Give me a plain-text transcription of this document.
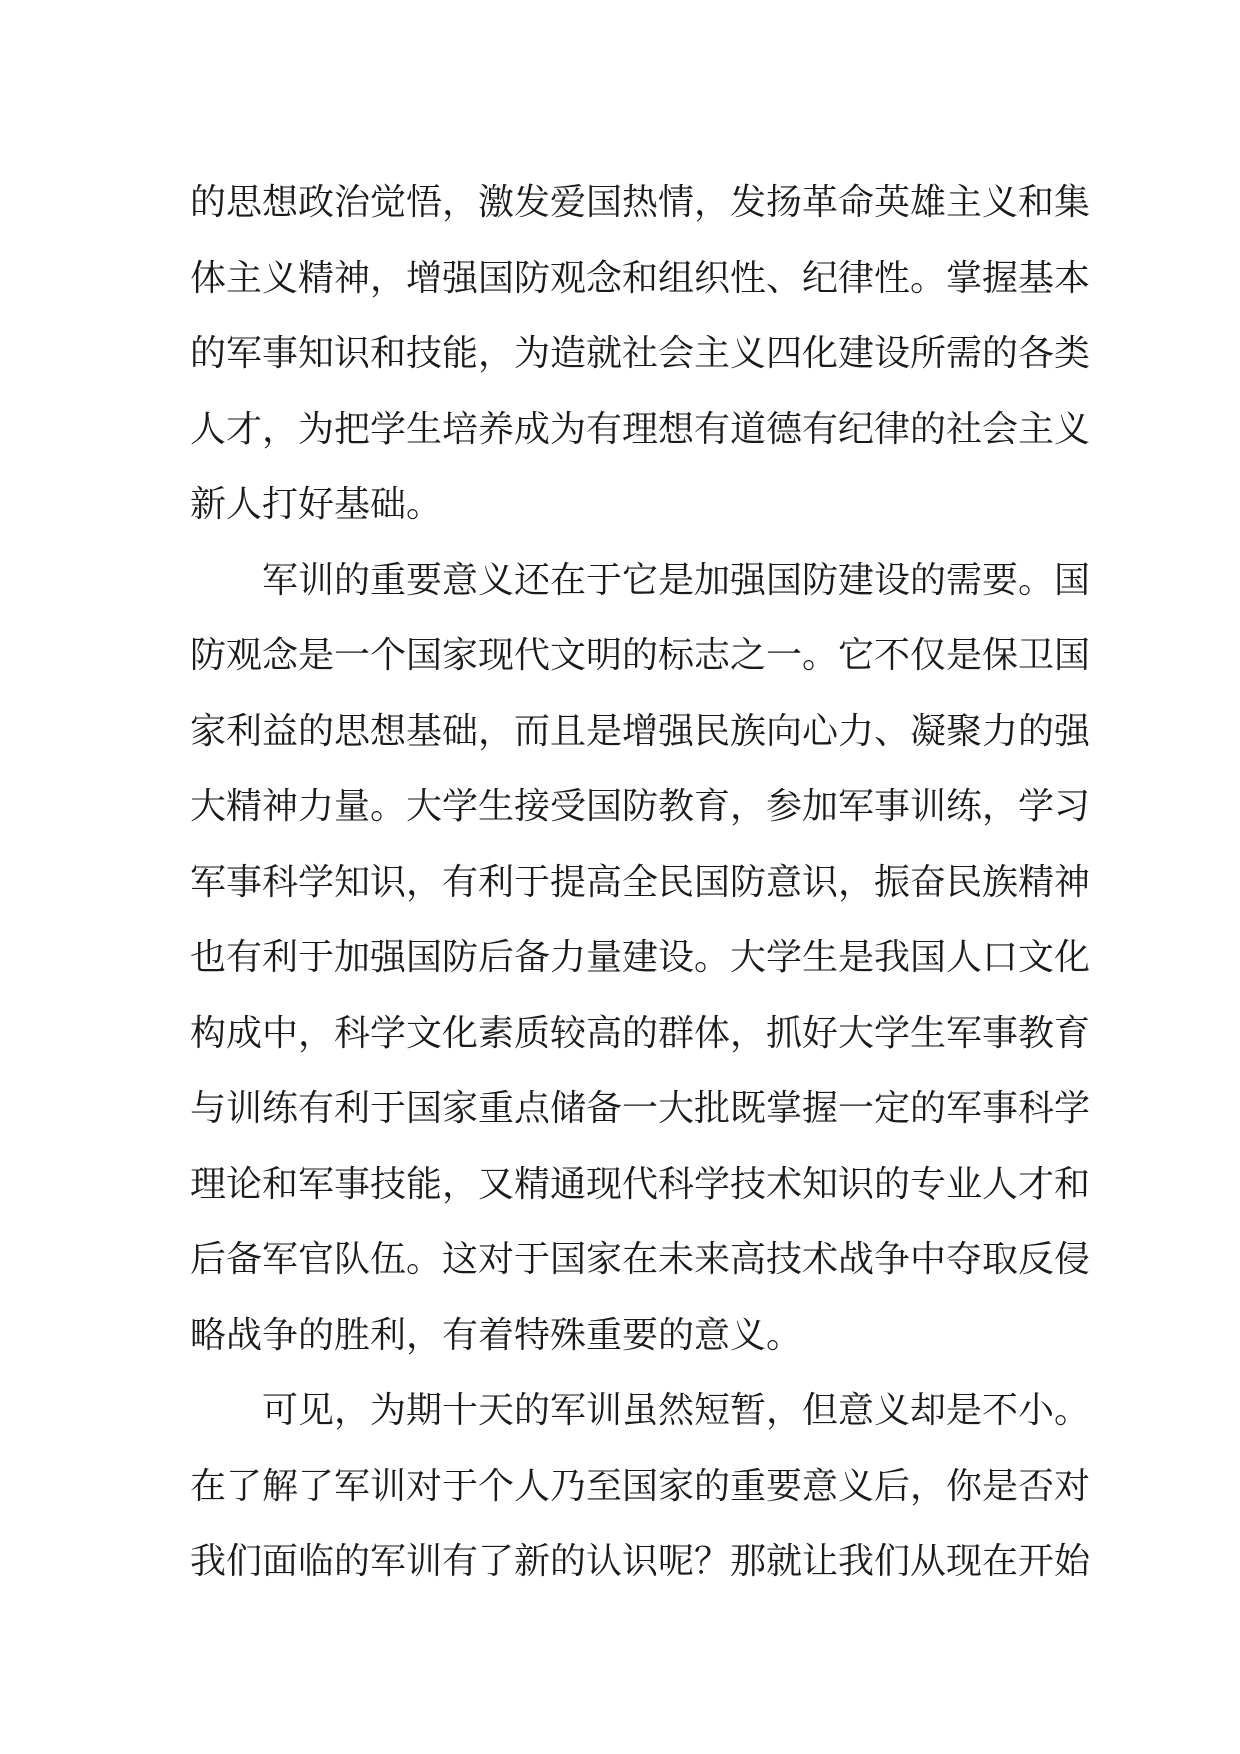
的思想政治觉悟，激发爱国热情，发扬革命英雄主义和集
体主义精神，增强国防观念和组织性、纪律性。掌握基本
的军事知识和技能，为造就社会主义四化建设所需的各类
人才，为把学生培养成为有理想有道德有纪律的社会主义
新人打好基础。
军训的重要意义还在于它是加强国防建设的需要。国
防观念是一个国家现代文明的标志之一。它不仅是保卫国
家利益的思想基础，而且是增强民族向心力、凝聚力的强
大精神力量。大学生接受国防教育，参加军事训练，学习
军事科学知识，有利于提高全民国防意识，振奋民族精神
也有利于加强国防后备力量建设。大学生是我国人口文化
构成中，科学文化素质较高的群体，抓好大学生军事教育
与训练有利于国家重点储备一大批既掌握一定的军事科学
理论和军事技能，又精通现代科学技术知识的专业人才和
后备军官队伍。这对于国家在未来高技术战争中夺取反侵
略战争的胜利，有着特殊重要的意义。
可见，为期十天的军训虽然短暂，但意义却是不小。
在了解了军训对于个人乃至国家的重要意义后，你是否对
我们面临的军训有了新的认识呢？那就让我们从现在开始
